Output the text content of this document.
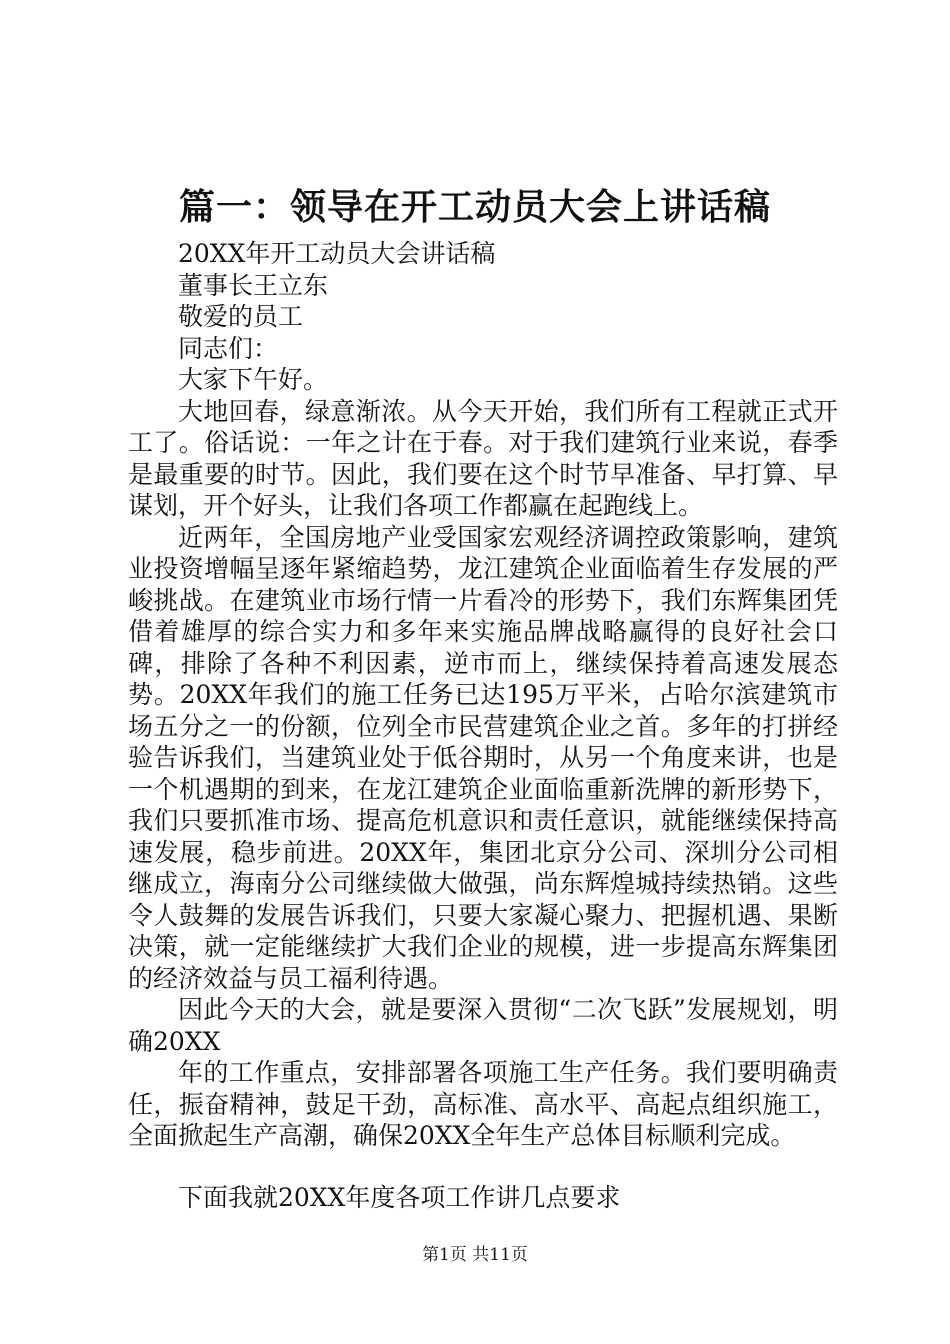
篇一：领导在开工动员大会上讲话稿

20XX年开工动员大会讲话稿

董事长王立东

敬爱的员工

同志们：

大家下午好。

大地回春，绿意渐浓。从今天开始，我们所有工程就正式开工了。俗话说：一年之计在于春。对于我们建筑行业来说，春季是最重要的时节。因此，我们要在这个时节早准备、早打算、早谋划，开个好头，让我们各项工作都赢在起跑线上。

近两年，全国房地产业受国家宏观经济调控政策影响，建筑业投资增幅呈逐年紧缩趋势，龙江建筑企业面临着生存发展的严峻挑战。在建筑业市场行情一片看冷的形势下，我们东辉集团凭借着雄厚的综合实力和多年来实施品牌战略赢得的良好社会口碑，排除了各种不利因素，逆市而上，继续保持着高速发展态势。20XX年我们的施工任务已达195万平米，占哈尔滨建筑市场五分之一的份额，位列全市民营建筑企业之首。多年的打拼经验告诉我们，当建筑业处于低谷期时，从另一个角度来讲，也是一个机遇期的到来，在龙江建筑企业面临重新洗牌的新形势下，我们只要抓准市场、提高危机意识和责任意识，就能继续保持高速发展，稳步前进。20XX年，集团北京分公司、深圳分公司相继成立，海南分公司继续做大做强，尚东辉煌城持续热销。这些令人鼓舞的发展告诉我们，只要大家凝心聚力、把握机遇、果断决策，就一定能继续扩大我们企业的规模，进一步提高东辉集团的经济效益与员工福利待遇。

因此今天的大会，就是要深入贯彻“二次飞跃”发展规划，明确20XX

年的工作重点，安排部署各项施工生产任务。我们要明确责任，振奋精神，鼓足干劲，高标准、高水平、高起点组织施工，全面掀起生产高潮，确保20XX全年生产总体目标顺利完成。

下面我就20XX年度各项工作讲几点要求

第1页 共11页
